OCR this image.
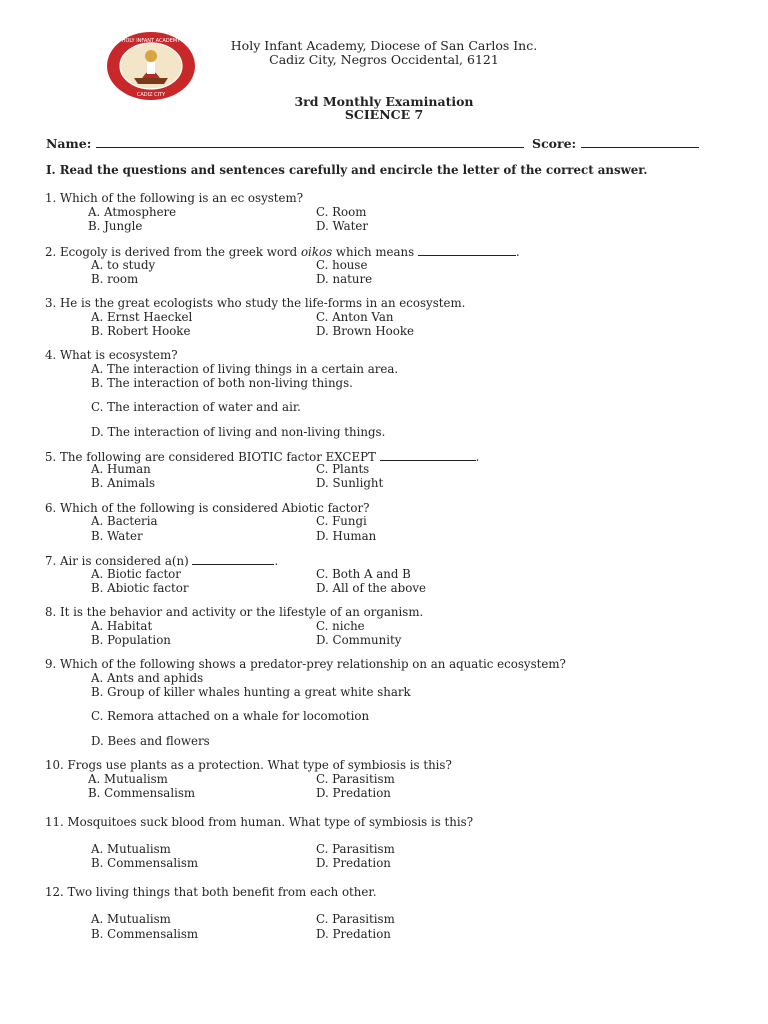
HOLY INFANT ACADEMY
CADIZ CITY
Holy Infant Academy, Diocese of San Carlos Inc.
Cadiz City, Negros Occidental, 6121
3rd Monthly Examination
SCIENCE 7
Name:	Score:
I. Read the questions and sentences carefully and encircle the letter of the correct answer.
1. Which of the following is an ec osystem?
A. Atmosphere	C. Room
B. Jungle	D. Water
2. Ecogoly is derived from the greek word oikos which means	.
A. to study	C. house
B. room	D. nature
3. He is the great ecologists who study the life-forms in an ecosystem.
A. Ernst Haeckel	C. Anton Van
B. Robert Hooke	D. Brown Hooke
4. What is ecosystem?
A. The interaction of living things in a certain area.
B. The interaction of both non-living things.
C. The interaction of water and air.
D. The interaction of living and non-living things.
5. The following are considered BIOTIC factor EXCEPT	.
A. Human	C. Plants
B. Animals	D. Sunlight
6. Which of the following is considered Abiotic factor?
A. Bacteria	C. Fungi
B. Water	D. Human
7. Air is considered a(n)	.
A. Biotic factor	C. Both A and B
B. Abiotic factor	D. All of the above
8. It is the behavior and activity or the lifestyle of an organism.
A. Habitat	C. niche
B. Population	D. Community
9. Which of the following shows a predator-prey relationship on an aquatic ecosystem?
A. Ants and aphids
B. Group of killer whales hunting a great white shark
C. Remora attached on a whale for locomotion
D. Bees and flowers
10. Frogs use plants as a protection. What type of symbiosis is this?
A. Mutualism	C. Parasitism
B. Commensalism	D. Predation
11. Mosquitoes suck blood from human. What type of symbiosis is this?
A. Mutualism	C. Parasitism
B. Commensalism	D. Predation
12. Two living things that both benefit from each other.
A. Mutualism	C. Parasitism
B. Commensalism	D. Predation
